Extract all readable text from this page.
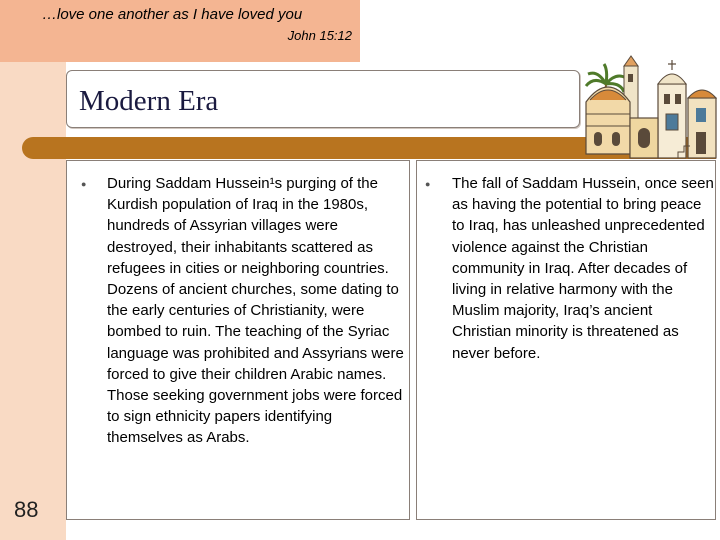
…love one another as I have loved you
John 15:12
Modern Era
● During Saddam Hussein¹s purging of the Kurdish population of Iraq in the 1980s, hundreds of Assyrian villages were destroyed, their inhabitants scattered as refugees in cities or neighboring countries. Dozens of ancient churches, some dating to the early centuries of Christianity, were bombed to ruin. The teaching of the Syriac language was prohibited and Assyrians were forced to give their children Arabic names. Those seeking government jobs were forced to sign ethnicity papers identifying themselves as Arabs.

● The fall of Saddam Hussein, once seen as having the potential to bring peace to Iraq, has unleashed unprecedented violence against the Christian community in Iraq. After decades of living in relative harmony with the Muslim majority, Iraq’s ancient Christian minority is threatened as never before.

88
